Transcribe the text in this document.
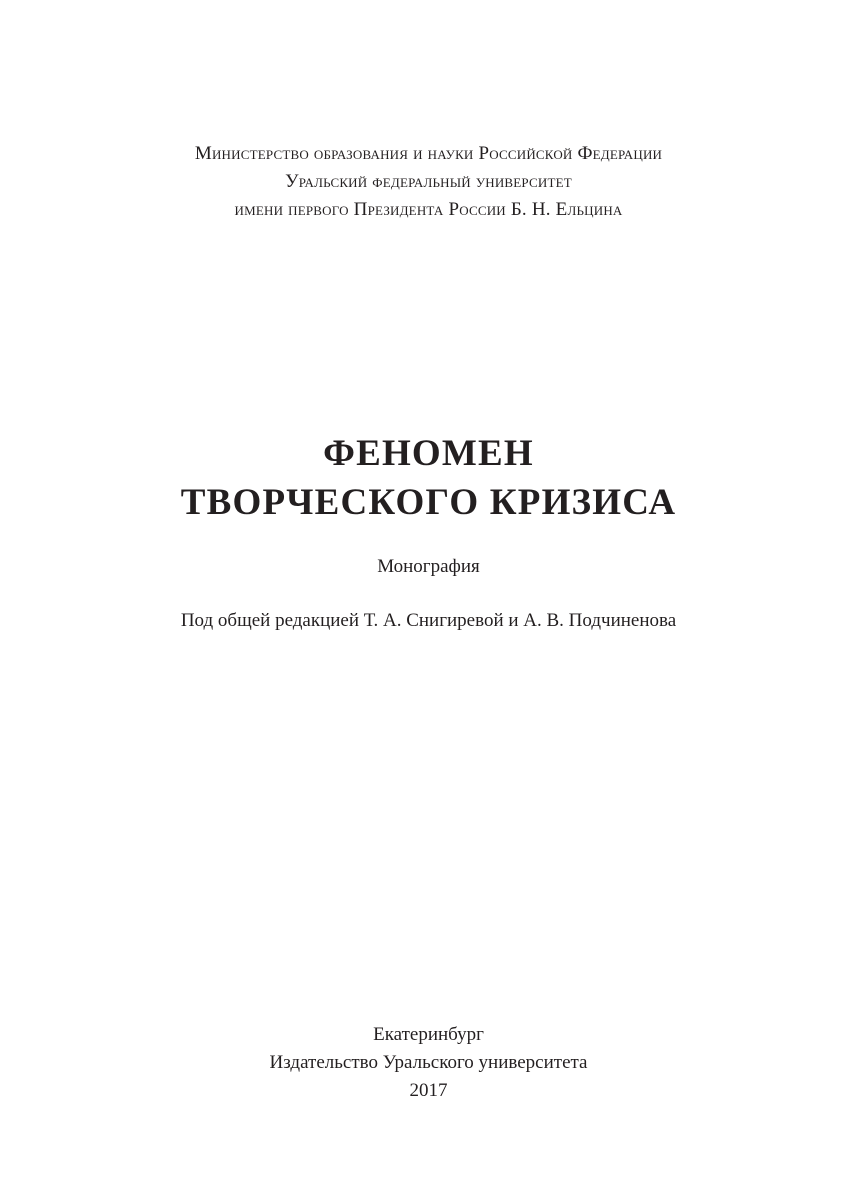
Министерство образования и науки Российской Федерации
Уральский федеральный университет
имени первого Президента России Б. Н. Ельцина
ФЕНОМЕН
ТВОРЧЕСКОГО КРИЗИСА
Монография
Под общей редакцией Т. А. Снигиревой и А. В. Подчиненова
Екатеринбург
Издательство Уральского университета
2017
